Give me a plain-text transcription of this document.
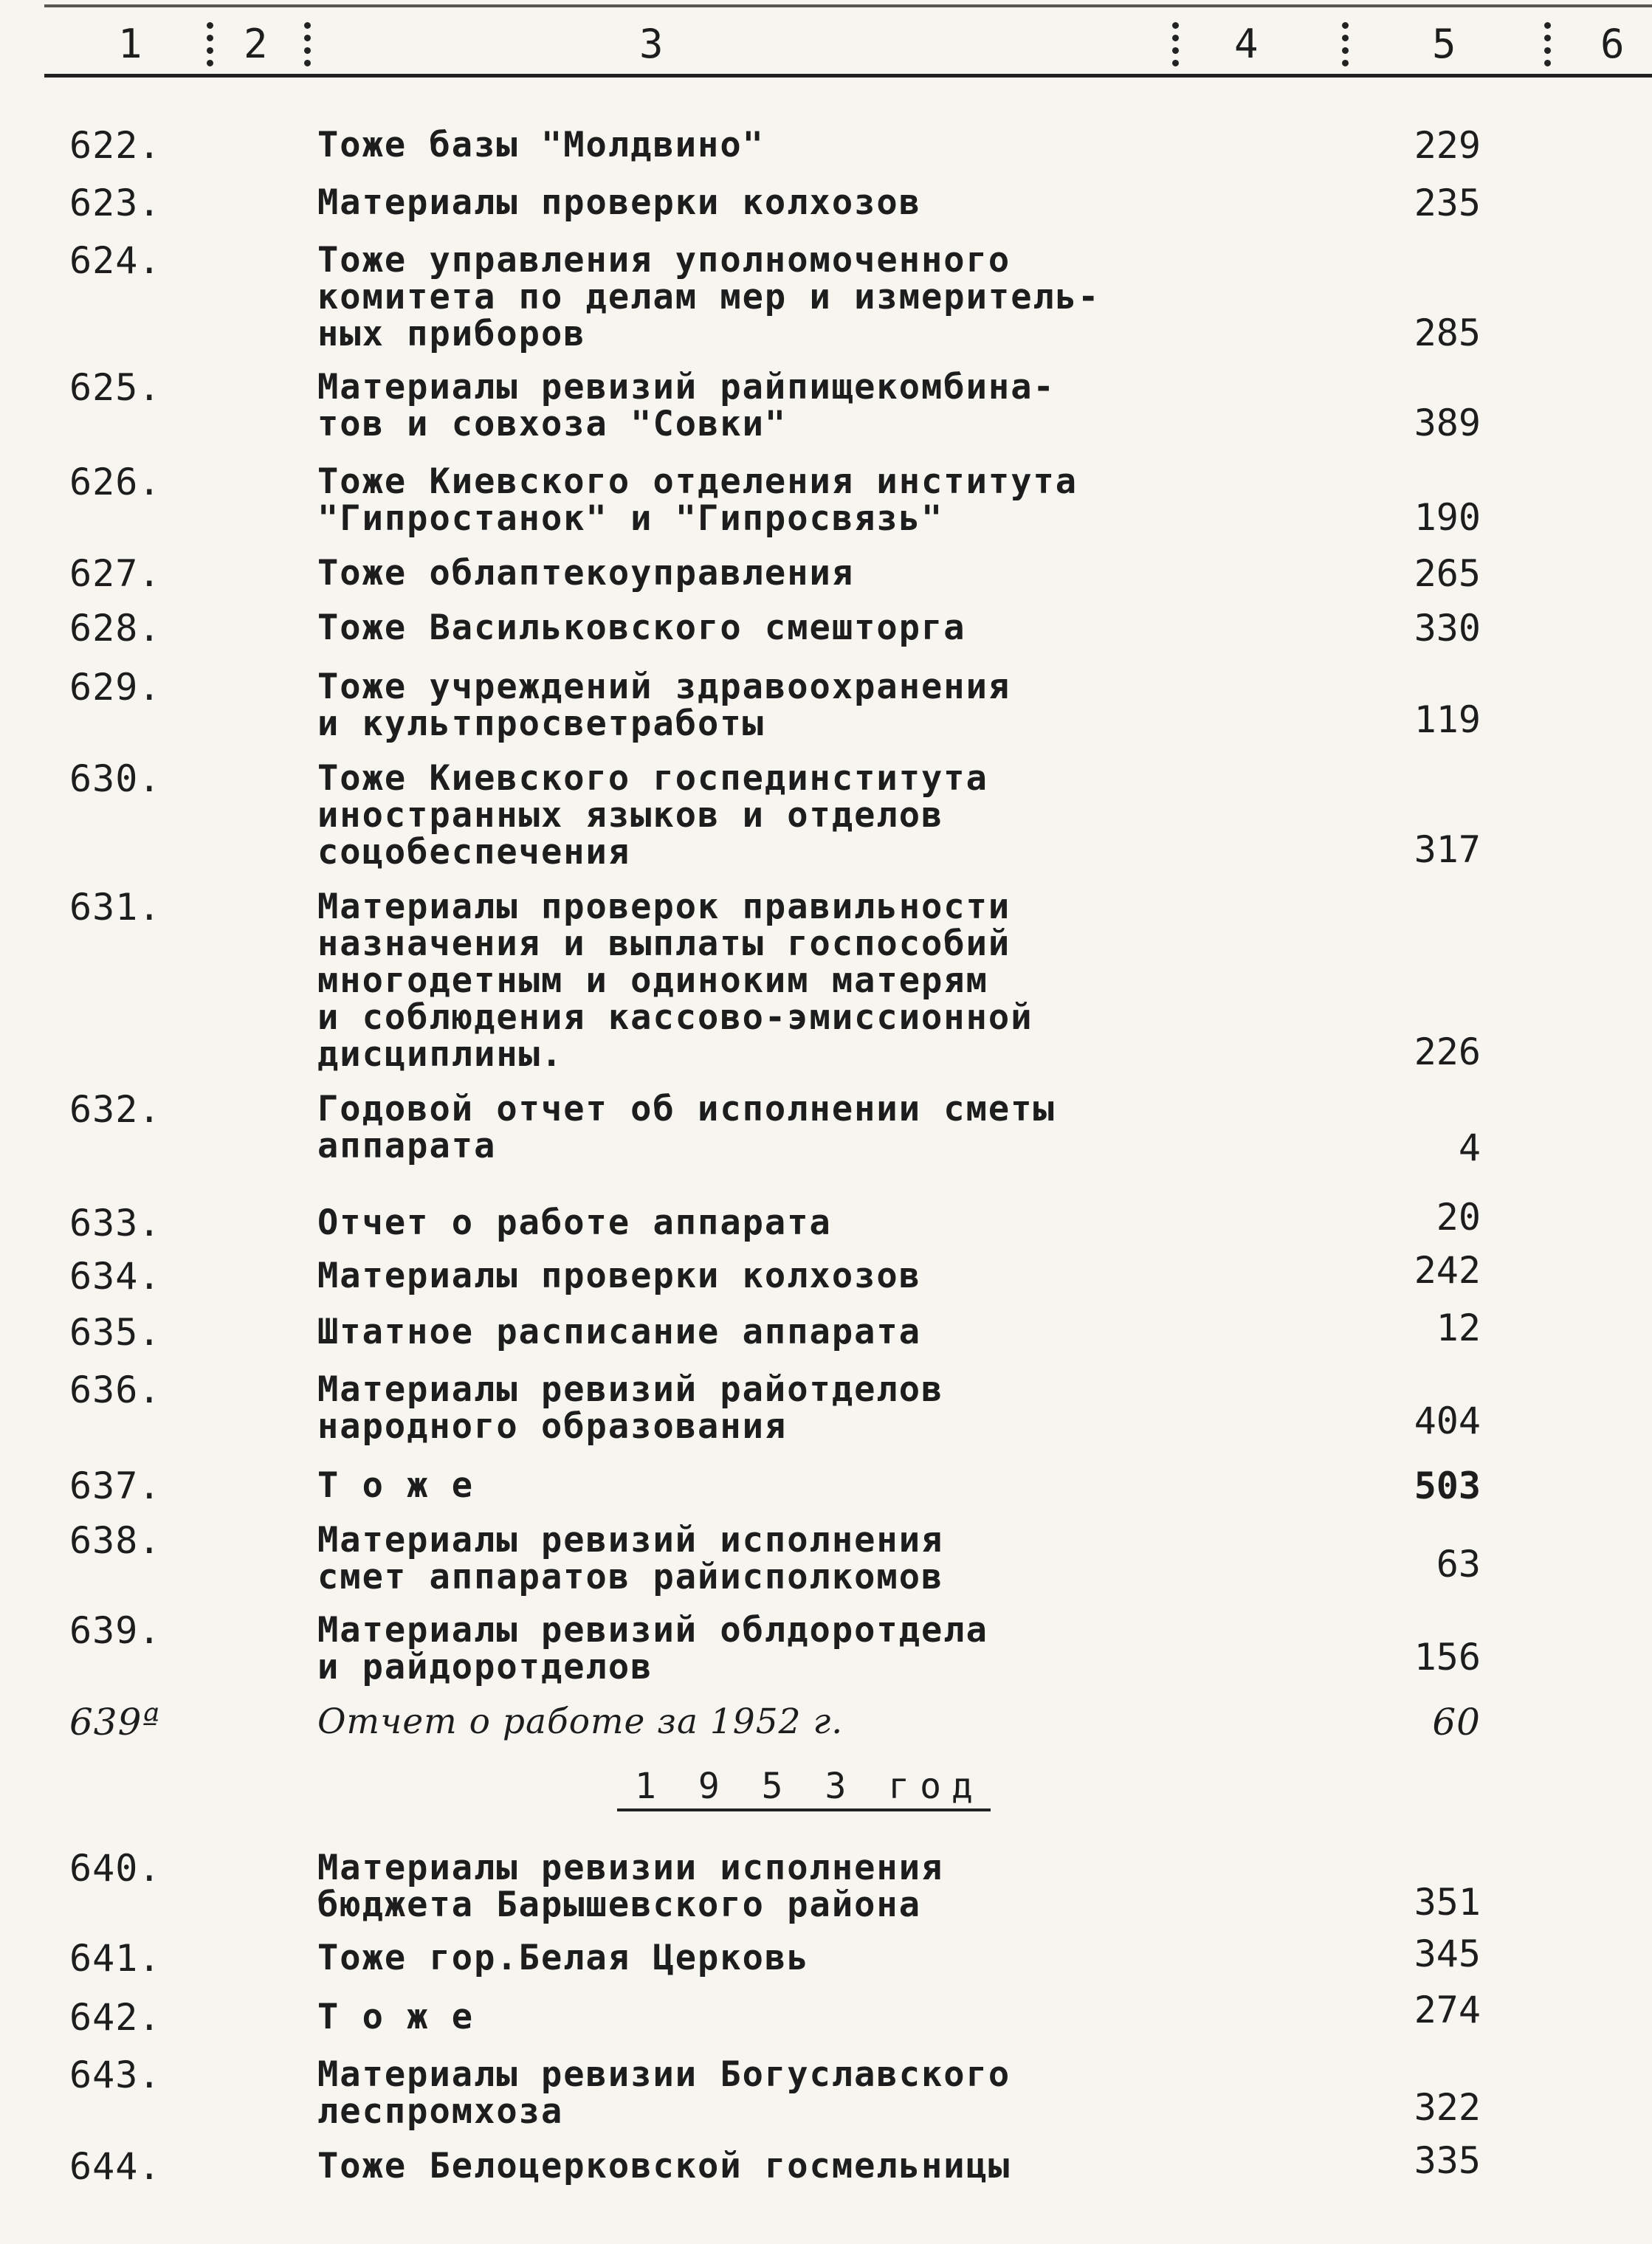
1	2	3	4	5	6
622.	Тоже базы "Молдвино"	229
623.	Материалы проверки колхозов	235
624.	Тоже управления уполномоченного
комитета по делам мер и измеритель-
ных приборов	285
625.	Материалы ревизий райпищекомбина-
тов и совхоза "Совки"	389
626.	Тоже Киевского отделения института
"Гипростанок" и "Гипросвязь"	190
627.	Тоже облаптекоуправления	265
628.	Тоже Васильковского смешторга	330
629.	Тоже учреждений здравоохранения
и культпросветработы	119
630.	Тоже Киевского госпединститута
иностранных языков и отделов
соцобеспечения	317
631.	Материалы проверок правильности
назначения и выплаты госпособий
многодетным и одиноким матерям
и соблюдения кассово-эмиссионной
дисциплины.	226
632.	Годовой отчет об исполнении сметы
аппарата	4
633.	Отчет о работе аппарата	20
634.	Материалы проверки колхозов	242
635.	Штатное расписание аппарата	12
636.	Материалы ревизий райотделов
народного образования	404
637.	Т о ж е	503
638.	Материалы ревизий исполнения
смет аппаратов райисполкомов	63
639.	Материалы ревизий облдоротдела
и райдоротделов	156
639ª	Отчет о работе за 1952 г.	60
1 9 5 3 год
640.	Материалы ревизии исполнения
бюджета Барышевского района	351
641.	Тоже гор.Белая Церковь	345
642.	Т о ж е	274
643.	Материалы ревизии Богуславского
леспромхоза	322
644.	Тоже Белоцерковской госмельницы	335
